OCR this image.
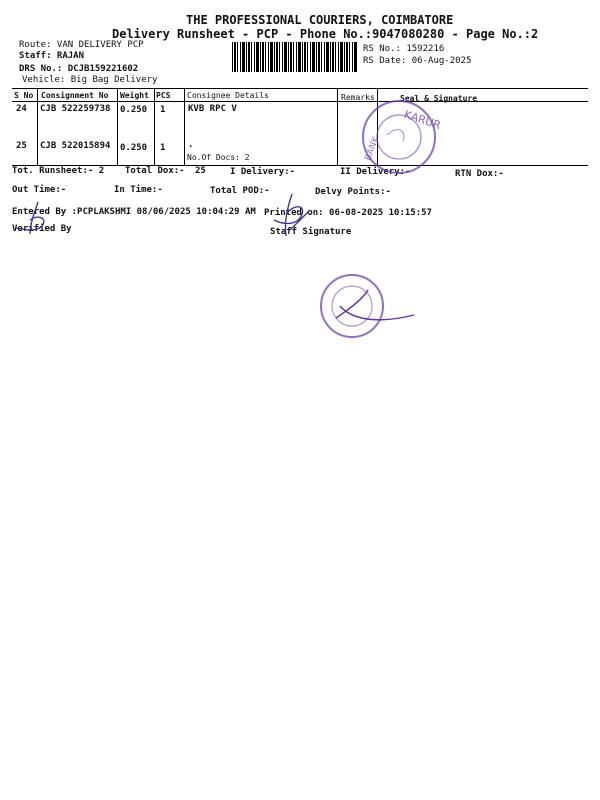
THE PROFESSIONAL COURIERS, COIMBATORE
Delivery Runsheet - PCP - Phone No.:9047080280 - Page No.:2
Route: VAN DELIVERY PCP
Staff: RAJAN
DRS No.: DCJB159221602
Vehicle: Big Bag Delivery
RS No.: 1592216
RS Date: 06-Aug-2025
S No Consignment No Weight PCS Consignee Details	Remarks	Seal & Signature
24 CJB 522259738 0.250 1	KVB RPC V
25 CJB 522015894 0.250 1	.
No.Of Docs: 2
Tot. Runsheet:- 2 Total Dox:- 25	I Delivery:-	II Delivery:-	RTN Dox:-
Out Time:-	In Time:-	Total POD:-	Delvy Points:-
Entered By :PCPLAKSHMI 08/06/2025 10:04:29 AM Printed on: 06-08-2025 10:15:57
Verified By	Staff Signature
KARUR
BANK
